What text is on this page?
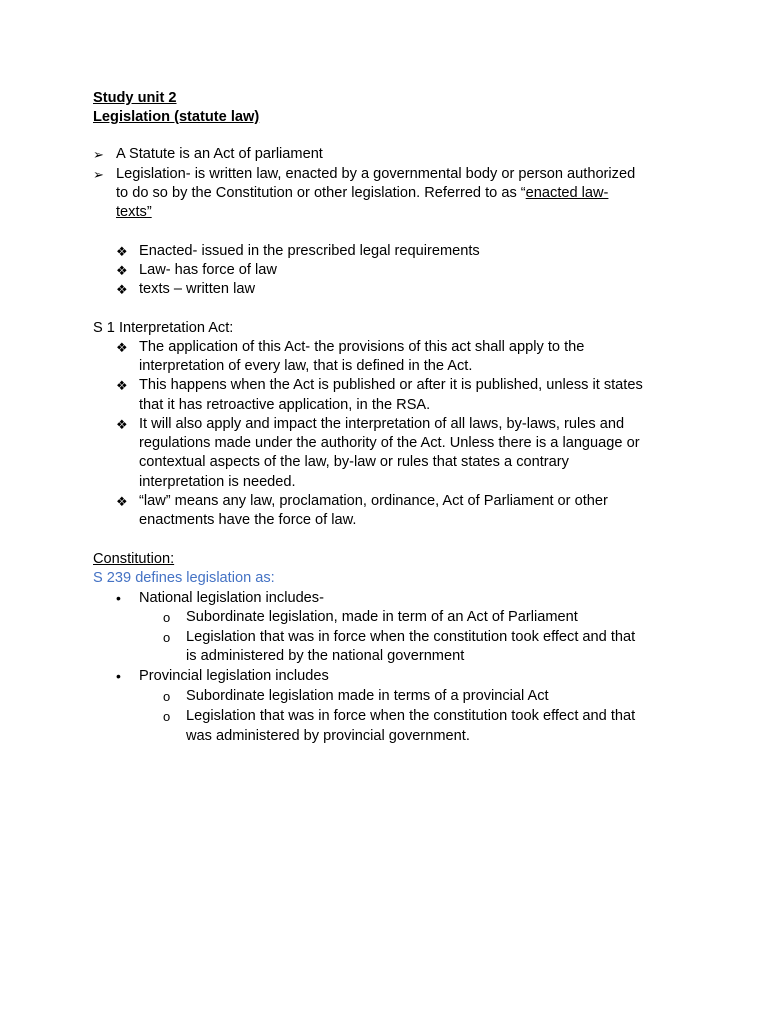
Study unit 2

Legislation (statute law)

➢ A Statute is an Act of parliament

➢ Legislation- is written law, enacted by a governmental body or person authorized

to do so by the Constitution or other legislation. Referred to as “enacted law-

texts”

❖ Enacted- issued in the prescribed legal requirements

❖ Law- has force of law

❖ texts – written law

S 1 Interpretation Act:

❖ The application of this Act- the provisions of this act shall apply to the

interpretation of every law, that is defined in the Act.

❖ This happens when the Act is published or after it is published, unless it states

that it has retroactive application, in the RSA.

❖ It will also apply and impact the interpretation of all laws, by-laws, rules and

regulations made under the authority of the Act. Unless there is a language or

contextual aspects of the law, by-law or rules that states a contrary

interpretation is needed.

❖ “law” means any law, proclamation, ordinance, Act of Parliament or other

enactments have the force of law.

Constitution:

S 239 defines legislation as:

• National legislation includes-

o Subordinate legislation, made in term of an Act of Parliament

o Legislation that was in force when the constitution took effect and that

is administered by the national government

• Provincial legislation includes

o Subordinate legislation made in terms of a provincial Act

o Legislation that was in force when the constitution took effect and that

was administered by provincial government.
